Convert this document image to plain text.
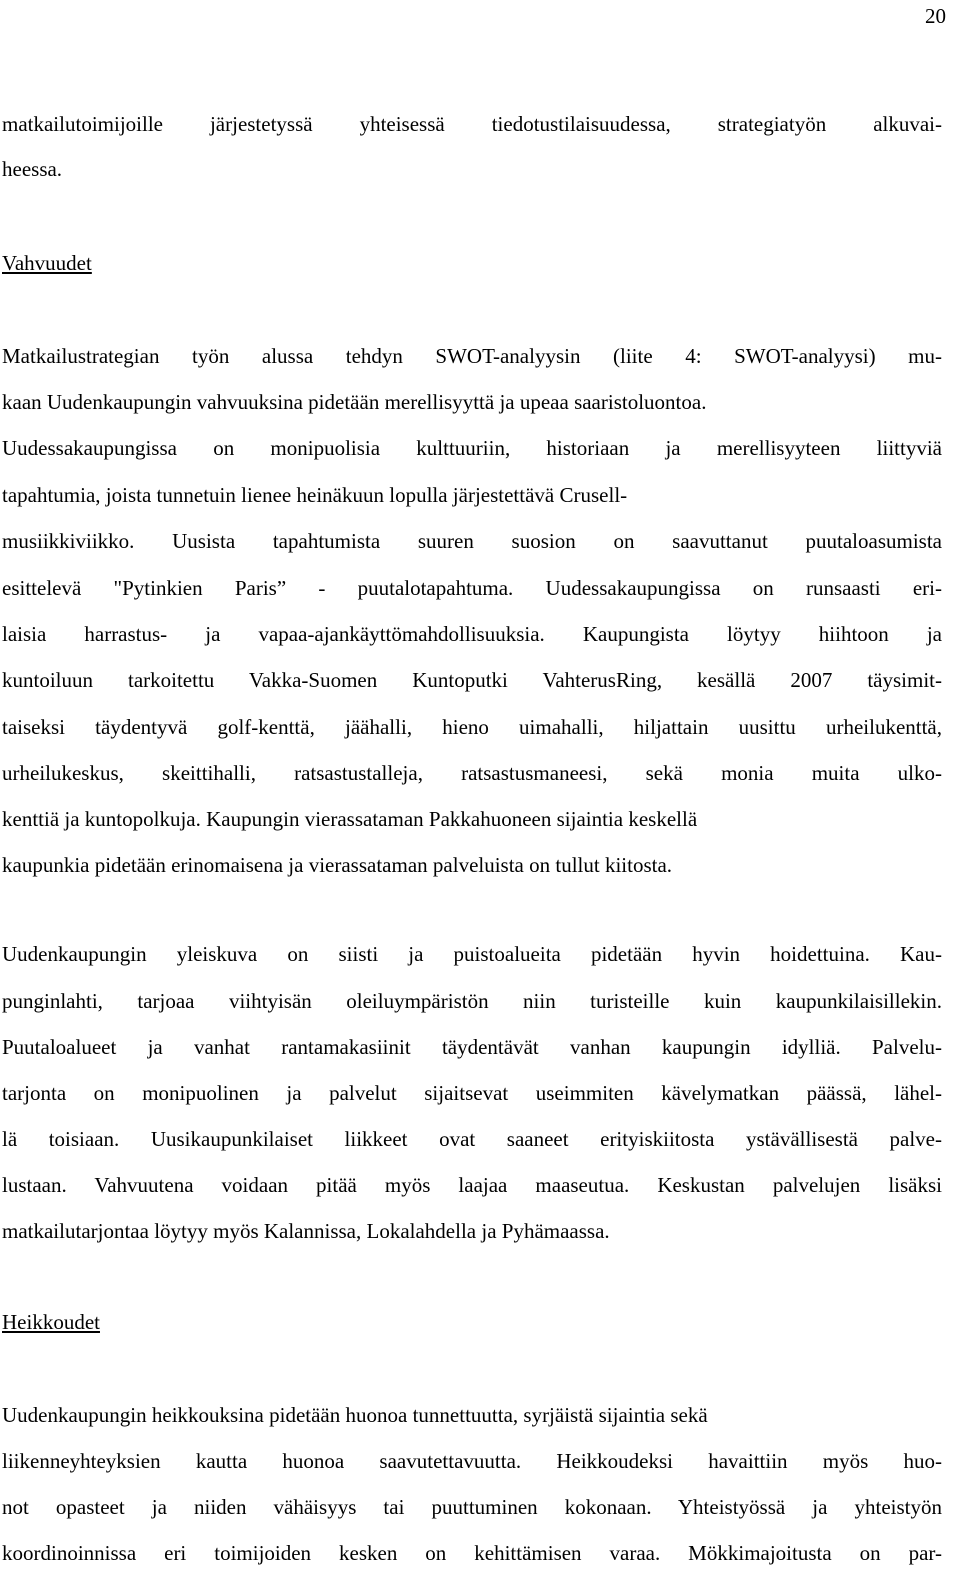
20
matkailutoimijoille järjestetyssä yhteisessä tiedotustilaisuudessa, strategiatyön alkuvai-
heessa.
Vahvuudet
Matkailustrategian työn alussa tehdyn SWOT-analyysin (liite 4: SWOT-analyysi) mu-
kaan Uudenkaupungin vahvuuksina pidetään merellisyyttä ja upeaa saaristoluontoa.
Uudessakaupungissa on monipuolisia kulttuuriin, historiaan ja merellisyyteen liittyviä
tapahtumia, joista tunnetuin lienee heinäkuun lopulla järjestettävä Crusell-
musiikkiviikko. Uusista tapahtumista suuren suosion on saavuttanut puutaloasumista
esittelevä "Pytinkien Paris” - puutalotapahtuma. Uudessakaupungissa on runsaasti eri-
laisia harrastus- ja vapaa-ajankäyttömahdollisuuksia. Kaupungista löytyy hiihtoon ja
kuntoiluun tarkoitettu Vakka-Suomen Kuntoputki VahterusRing, kesällä 2007 täysimit-
taiseksi täydentyvä golf-kenttä, jäähalli, hieno uimahalli, hiljattain uusittu urheilukenttä,
urheilukeskus, skeittihalli, ratsastustalleja, ratsastusmaneesi, sekä monia muita ulko-
kenttiä ja kuntopolkuja. Kaupungin vierassataman Pakkahuoneen sijaintia keskellä
kaupunkia pidetään erinomaisena ja vierassataman palveluista on tullut kiitosta.
Uudenkaupungin yleiskuva on siisti ja puistoalueita pidetään hyvin hoidettuina. Kau-
punginlahti, tarjoaa viihtyisän oleiluympäristön niin turisteille kuin kaupunkilaisillekin.
Puutaloalueet ja vanhat rantamakasiinit täydentävät vanhan kaupungin idylliä. Palvelu-
tarjonta on monipuolinen ja palvelut sijaitsevat useimmiten kävelymatkan päässä, lähel-
lä toisiaan. Uusikaupunkilaiset liikkeet ovat saaneet erityiskiitosta ystävällisestä palve-
lustaan. Vahvuutena voidaan pitää myös laajaa maaseutua. Keskustan palvelujen lisäksi
matkailutarjontaa löytyy myös Kalannissa, Lokalahdella ja Pyhämaassa.
Heikkoudet
Uudenkaupungin heikkouksina pidetään huonoa tunnettuutta, syrjäistä sijaintia sekä
liikenneyhteyksien kautta huonoa saavutettavuutta. Heikkoudeksi havaittiin myös huo-
not opasteet ja niiden vähäisyys tai puuttuminen kokonaan. Yhteistyössä ja yhteistyön
koordinoinnissa eri toimijoiden kesken on kehittämisen varaa. Mökkimajoitusta on par-
